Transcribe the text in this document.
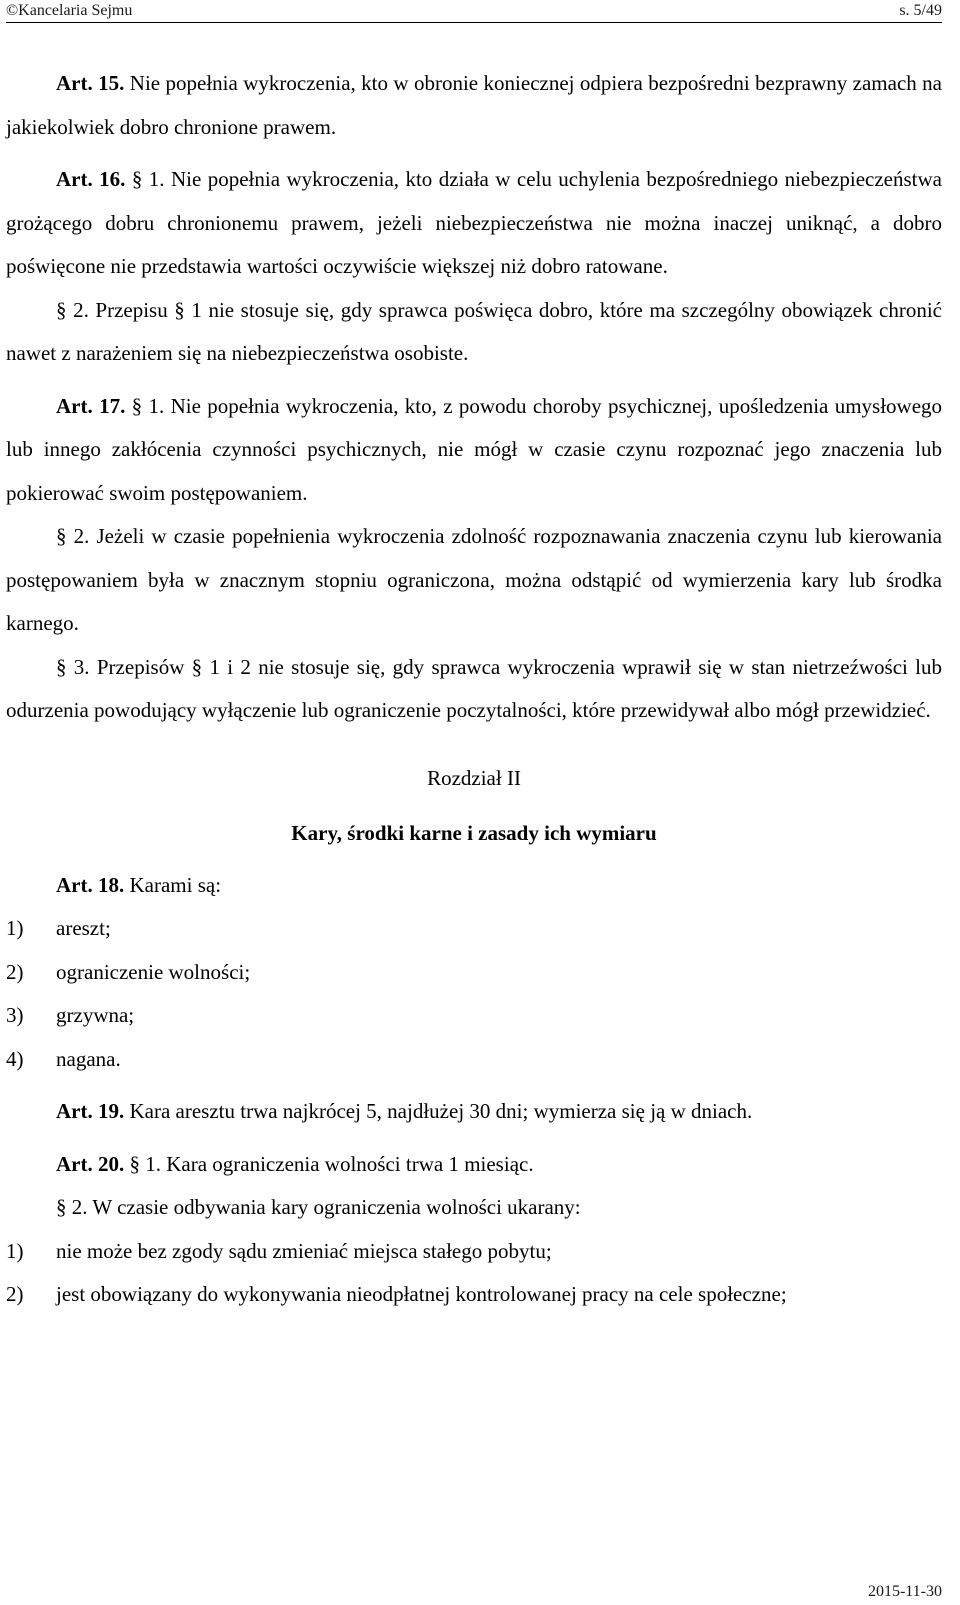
©Kancelaria Sejmu	s. 5/49

Art. 15. Nie popełnia wykroczenia, kto w obronie koniecznej odpiera bezpośredni bezprawny zamach na jakiekolwiek dobro chronione prawem.

Art. 16. § 1. Nie popełnia wykroczenia, kto działa w celu uchylenia bezpośredniego niebezpieczeństwa grożącego dobru chronionemu prawem, jeżeli niebezpieczeństwa nie można inaczej uniknąć, a dobro poświęcone nie przedstawia wartości oczywiście większej niż dobro ratowane.

§ 2. Przepisu § 1 nie stosuje się, gdy sprawca poświęca dobro, które ma szczególny obowiązek chronić nawet z narażeniem się na niebezpieczeństwa osobiste.

Art. 17. § 1. Nie popełnia wykroczenia, kto, z powodu choroby psychicznej, upośledzenia umysłowego lub innego zakłócenia czynności psychicznych, nie mógł w czasie czynu rozpoznać jego znaczenia lub pokierować swoim postępowaniem.

§ 2. Jeżeli w czasie popełnienia wykroczenia zdolność rozpoznawania znaczenia czynu lub kierowania postępowaniem była w znacznym stopniu ograniczona, można odstąpić od wymierzenia kary lub środka karnego.

§ 3. Przepisów § 1 i 2 nie stosuje się, gdy sprawca wykroczenia wprawił się w stan nietrzeźwości lub odurzenia powodujący wyłączenie lub ograniczenie poczytalności, które przewidywał albo mógł przewidzieć.

Rozdział II

Kary, środki karne i zasady ich wymiaru

Art. 18. Karami są:

1) areszt;
2) ograniczenie wolności;
3) grzywna;
4) nagana.

Art. 19. Kara aresztu trwa najkrócej 5, najdłużej 30 dni; wymierza się ją w dniach.

Art. 20. § 1. Kara ograniczenia wolności trwa 1 miesiąc.

§ 2. W czasie odbywania kary ograniczenia wolności ukarany:

1) nie może bez zgody sądu zmieniać miejsca stałego pobytu;
2) jest obowiązany do wykonywania nieodpłatnej kontrolowanej pracy na cele społeczne;
2015-11-30
